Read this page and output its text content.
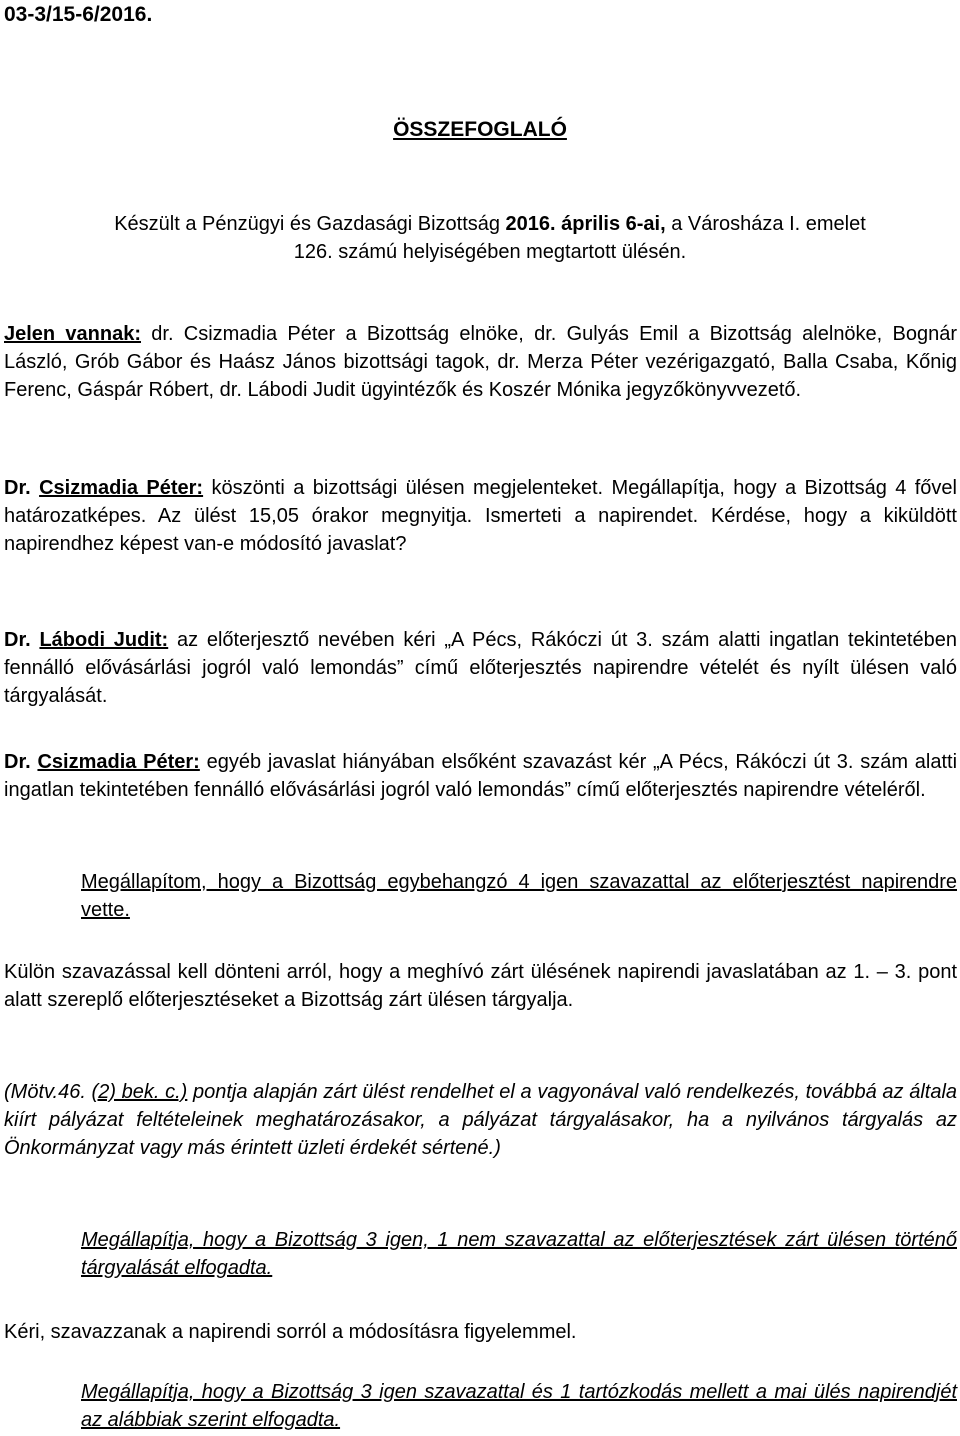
03-3/15-6/2016.
ÖSSZEFOGLALÓ
Készült a Pénzügyi és Gazdasági Bizottság 2016. április 6-ai, a Városháza I. emelet 126. számú helyiségében megtartott ülésén.
Jelen vannak: dr. Csizmadia Péter a Bizottság elnöke, dr. Gulyás Emil a Bizottság alelnöke, Bognár László, Grób Gábor és Haász János bizottsági tagok, dr. Merza Péter vezérigazgató, Balla Csaba, Kőnig Ferenc, Gáspár Róbert, dr. Lábodi Judit ügyintézők és Koszér Mónika jegyzőkönyvvezető.
Dr. Csizmadia Péter: köszönti a bizottsági ülésen megjelenteket. Megállapítja, hogy a Bizottság 4 fővel határozatképes. Az ülést 15,05 órakor megnyitja. Ismerteti a napirendet. Kérdése, hogy a kiküldött napirendhez képest van-e módosító javaslat?
Dr. Lábodi Judit: az előterjesztő nevében kéri „A Pécs, Rákóczi út 3. szám alatti ingatlan tekintetében fennálló elővásárlási jogról való lemondás” című előterjesztés napirendre vételét és nyílt ülésen való tárgyalását.
Dr. Csizmadia Péter: egyéb javaslat hiányában elsőként szavazást kér „A Pécs, Rákóczi út 3. szám alatti ingatlan tekintetében fennálló elővásárlási jogról való lemondás” című előterjesztés napirendre vételéről.
Megállapítom, hogy a Bizottság egybehangzó 4 igen szavazattal az előterjesztést napirendre vette.
Külön szavazással kell dönteni arról, hogy a meghívó zárt ülésének napirendi javaslatában az 1. – 3. pont alatt szereplő előterjesztéseket a Bizottság zárt ülésen tárgyalja.
(Mötv.46. (2) bek. c.) pontja alapján zárt ülést rendelhet el a vagyonával való rendelkezés, továbbá az általa kiírt pályázat feltételeinek meghatározásakor, a pályázat tárgyalásakor, ha a nyilvános tárgyalás az Önkormányzat vagy más érintett üzleti érdekét sértené.)
Megállapítja, hogy a Bizottság 3 igen, 1 nem szavazattal az előterjesztések zárt ülésen történő tárgyalását elfogadta.
Kéri, szavazzanak a napirendi sorról a módosításra figyelemmel.
Megállapítja, hogy a Bizottság 3 igen szavazattal és 1 tartózkodás mellett a mai ülés napirendjét az alábbiak szerint elfogadta.
